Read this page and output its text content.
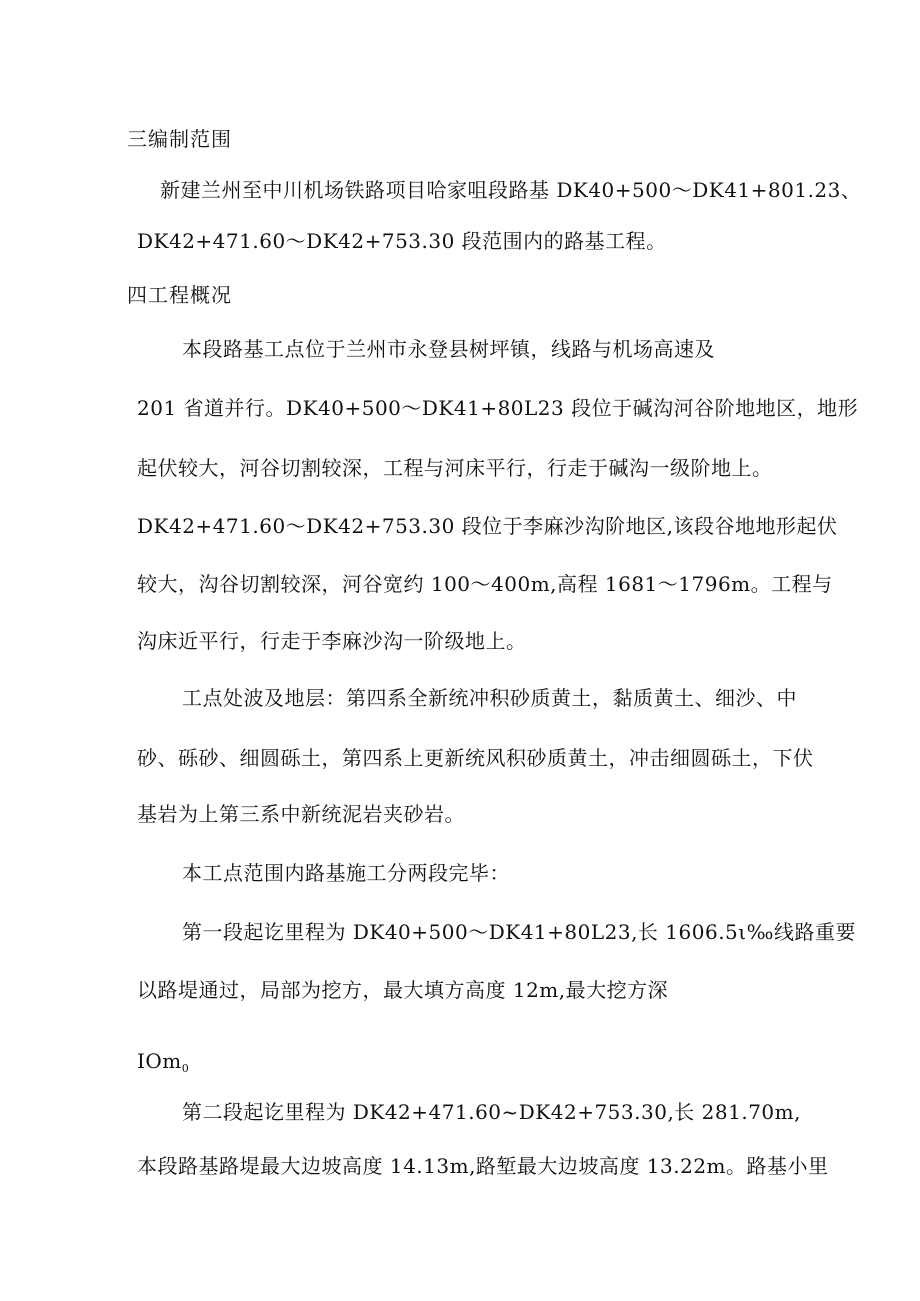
三编制范围
新建兰州至中川机场铁路项目哈家咀段路基 DK40+500～DK41+801.23、
DK42+471.60～DK42+753.30 段范围内的路基工程。
四工程概况
本段路基工点位于兰州市永登县树坪镇，线路与机场高速及
201 省道并行。DK40+500～DK41+80L23 段位于碱沟河谷阶地地区，地形
起伏较大，河谷切割较深，工程与河床平行，行走于碱沟一级阶地上。
DK42+471.60～DK42+753.30 段位于李麻沙沟阶地区,该段谷地地形起伏
较大，沟谷切割较深，河谷宽约 100～400m,高程 1681～1796m。工程与
沟床近平行，行走于李麻沙沟一阶级地上。
工点处波及地层：第四系全新统冲积砂质黄土，黏质黄土、细沙、中
砂、砾砂、细圆砾土，第四系上更新统风积砂质黄土，冲击细圆砾土，下伏
基岩为上第三系中新统泥岩夹砂岩。
本工点范围内路基施工分两段完毕：
第一段起讫里程为 DK40+500～DK41+80L23,长 1606.5ι‰线路重要
以路堤通过，局部为挖方，最大填方高度 12m,最大挖方深
IOm$_0$
第二段起讫里程为 DK42+471.60~DK42+753.30,长 281.70m,
本段路基路堤最大边坡高度 14.13m,路堑最大边坡高度 13.22m。路基小里
